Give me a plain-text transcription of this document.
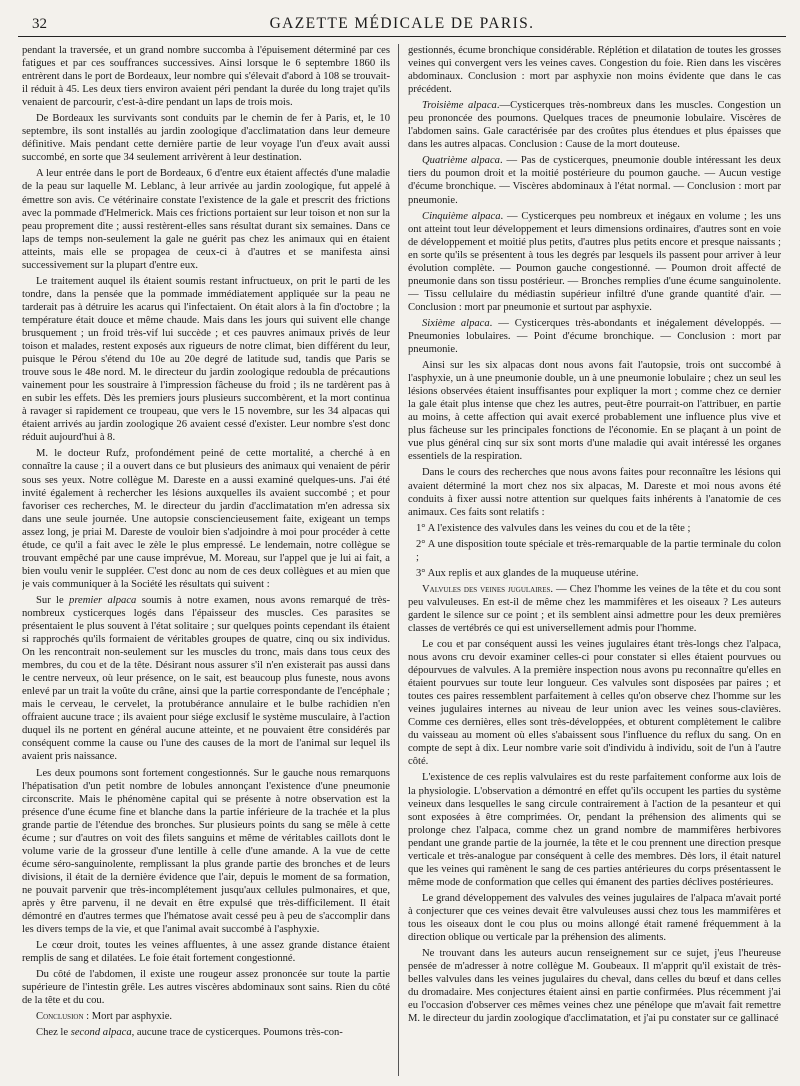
32	GAZETTE MÉDICALE DE PARIS.

pendant la traversée, et un grand nombre succomba à l'épuisement déterminé par ces fatigues et par ces souffrances successives. Ainsi lorsque le 6 septembre 1860 ils entrèrent dans le port de Bordeaux, leur nombre qui s'élevait d'abord à 108 se trouvait-il réduit à 45. Les deux tiers environ avaient péri pendant la durée du long trajet qu'ils venaient de parcourir, c'est-à-dire pendant un laps de trois mois.

De Bordeaux les survivants sont conduits par le chemin de fer à Paris, et, le 10 septembre, ils sont installés au jardin zoologique d'acclimatation dans leur demeure définitive. Mais pendant cette dernière partie de leur voyage l'un d'eux avait aussi succombé, en sorte que 34 seulement arrivèrent à leur destination.

A leur entrée dans le port de Bordeaux, 6 d'entre eux étaient affectés d'une maladie de la peau sur laquelle M. Leblanc, à leur arrivée au jardin zoologique, fut appelé à émettre son avis. Ce vétérinaire constate l'existence de la gale et prescrit des frictions avec la pommade d'Helmerick. Mais ces frictions portaient sur leur toison et non sur la peau proprement dite ; aussi restèrent-elles sans résultat durant six semaines. Dans ce laps de temps non-seulement la gale ne guérit pas chez les animaux qui en étaient atteints, mais elle se propagea de ceux-ci à d'autres et se manifesta ainsi successivement sur la plupart d'entre eux.

Le traitement auquel ils étaient soumis restant infructueux, on prit le parti de les tondre, dans la pensée que la pommade immédiatement appliquée sur la peau ne tarderait pas à détruire les acarus qui l'infectaient. On était alors à la fin d'octobre ; la température était douce et même chaude. Mais dans les jours qui suivent elle change brusquement ; un froid très-vif lui succède ; et ces pauvres animaux privés de leur toison et malades, restent exposés aux rigueurs de notre climat, bien différent du leur, puisque le Pérou s'étend du 10e au 20e degré de latitude sud, tandis que Paris se trouve sous le 48e nord. M. le directeur du jardin zoologique redoubla de précautions vainement pour les soustraire à l'impression fâcheuse du froid ; ils ne tardèrent pas à en subir les effets. Dès les premiers jours plusieurs succombèrent, et la mort continua à ravager si rapidement ce troupeau, que vers le 15 novembre, sur les 34 alpacas qui étaient arrivés au jardin zoologique 26 avaient cessé d'exister. Leur nombre s'est donc réduit aujourd'hui à 8.

M. le docteur Rufz, profondément peiné de cette mortalité, a cherché à en connaître la cause ; il a ouvert dans ce but plusieurs des animaux qui venaient de périr sous ses yeux. Notre collègue M. Dareste en a aussi examiné quelques-uns. J'ai été invité également à rechercher les lésions auxquelles ils avaient succombé ; et pour favoriser ces recherches, M. le directeur du jardin d'acclimatation m'en adressa six dans une seule journée. Une autopsie consciencieusement faite, exigeant un temps assez long, je priai M. Dareste de vouloir bien s'adjoindre à moi pour procéder à cette étude, ce qu'il a fait avec le zèle le plus empressé. Le lendemain, notre collègue se trouvant empêché par une cause imprévue, M. Moreau, sur l'appel que je lui ai fait, a bien voulu venir le suppléer. C'est donc au nom de ces deux collègues et au mien que je vais communiquer à la Société les résultats qui suivent :

Sur le premier alpaca soumis à notre examen, nous avons remarqué de très-nombreux cysticerques logés dans l'épaisseur des muscles. Ces parasites se présentaient le plus souvent à l'état solitaire ; sur quelques points cependant ils étaient si rapprochés qu'ils formaient de véritables groupes de quatre, cinq ou six individus. On les rencontrait non-seulement sur les muscles du tronc, mais dans tous ceux des membres, du cou et de la tête. Désirant nous assurer s'il n'en existerait pas aussi dans le centre nerveux, où leur présence, on le sait, est beaucoup plus funeste, nous avons enlevé par un trait la voûte du crâne, ainsi que la partie correspondante de l'encéphale ; mais le cerveau, le cervelet, la protubérance annulaire et le bulbe rachidien n'en offraient aucune trace ; ils avaient pour siége exclusif le système musculaire, à l'action duquel ils ne portent en général aucune atteinte, et ne pouvaient être considérés par conséquent comme la cause ou l'une des causes de la mort de l'animal sur lequel ils avaient pris naissance.

Les deux poumons sont fortement congestionnés. Sur le gauche nous remarquons l'hépatisation d'un petit nombre de lobules annonçant l'existence d'une pneumonie circonscrite. Mais le phénomène capital qui se présente à notre observation est la présence d'une écume fine et blanche dans la partie inférieure de la trachée et la plus grande partie de l'étendue des bronches. Sur plusieurs points du sang se mêle à cette écume ; sur d'autres on voit des filets sanguins et même de véritables caillots dont le volume varie de la grosseur d'une lentille à celle d'une amande. A la vue de cette écume séro-sanguinolente, remplissant la plus grande partie des bronches et de leurs divisions, il était de la dernière évidence que l'air, depuis le moment de sa formation, ne pouvait parvenir que très-incomplétement jusqu'aux cellules pulmonaires, et que, après y être parvenu, il ne devait en être expulsé que très-difficilement. Il était démontré en d'autres termes que l'hématose avait cessé peu à peu de s'accomplir dans les divers temps de la vie, et que l'animal avait succombé à l'asphyxie.

Le cœur droit, toutes les veines affluentes, à une assez grande distance étaient remplis de sang et dilatées. Le foie était fortement congestionné.

Du côté de l'abdomen, il existe une rougeur assez prononcée sur toute la partie supérieure de l'intestin grêle. Les autres viscères abdominaux sont sains. Rien du côté de la tête et du cou.

Conclusion : Mort par asphyxie.

Chez le second alpaca, aucune trace de cysticerques. Poumons très-con-

gestionnés, écume bronchique considérable. Réplétion et dilatation de toutes les grosses veines qui convergent vers les veines caves. Congestion du foie. Rien dans les viscères abdominaux. Conclusion : mort par asphyxie non moins évidente que dans le cas précédent.

Troisième alpaca.—Cysticerques très-nombreux dans les muscles. Congestion un peu prononcée des poumons. Quelques traces de pneumonie lobulaire. Viscères de l'abdomen sains. Gale caractérisée par des croûtes plus étendues et plus épaisses que dans les autres alpacas. Conclusion : Cause de la mort douteuse.

Quatrième alpaca. — Pas de cysticerques, pneumonie double intéressant les deux tiers du poumon droit et la moitié postérieure du poumon gauche. — Aucun vestige d'écume bronchique. — Viscères abdominaux à l'état normal. — Conclusion : mort par pneumonie.

Cinquième alpaca. — Cysticerques peu nombreux et inégaux en volume ; les uns ont atteint tout leur développement et leurs dimensions ordinaires, d'autres sont en voie de développement et moitié plus petits, d'autres plus petits encore et presque naissants ; en sorte qu'ils se présentent à tous les degrés par lesquels ils passent pour arriver à leur évolution complète. — Poumon gauche congestionné. — Poumon droit affecté de pneumonie dans son tissu postérieur. — Bronches remplies d'une écume sanguinolente. — Tissu cellulaire du médiastin supérieur infiltré d'une grande quantité d'air. — Conclusion : mort par pneumonie et surtout par asphyxie.

Sixième alpaca. — Cysticerques très-abondants et inégalement développés. — Pneumonies lobulaires. — Point d'écume bronchique. — Conclusion : mort par pneumonie.

Ainsi sur les six alpacas dont nous avons fait l'autopsie, trois ont succombé à l'asphyxie, un à une pneumonie double, un à une pneumonie lobulaire ; chez un seul les lésions observées étaient insuffisantes pour expliquer la mort ; comme chez ce dernier la gale était plus intense que chez les autres, peut-être pourrait-on l'attribuer, en partie au moins, à cette affection qui avait exercé probablement une influence plus vive et plus fâcheuse sur les principales fonctions de l'économie. En se plaçant à un point de vue plus général cinq sur six sont morts d'une maladie qui avait intéressé les organes essentiels de la respiration.

Dans le cours des recherches que nous avons faites pour reconnaître les lésions qui avaient déterminé la mort chez nos six alpacas, M. Dareste et moi nous avons été conduits à fixer aussi notre attention sur quelques faits inhérents à l'anatomie de ces animaux. Ces faits sont relatifs :

1° A l'existence des valvules dans les veines du cou et de la tête ;

2° A une disposition toute spéciale et très-remarquable de la partie terminale du colon ;

3° Aux replis et aux glandes de la muqueuse utérine.

Valvules des veines jugulaires. — Chez l'homme les veines de la tête et du cou sont peu valvuleuses. En est-il de même chez les mammifères et les oiseaux ? Les auteurs gardent le silence sur ce point ; et ils semblent ainsi admettre pour les deux premières classes de vertébrés ce qui est universellement admis pour l'homme.

Le cou et par conséquent aussi les veines jugulaires étant très-longs chez l'alpaca, nous avons cru devoir examiner celles-ci pour constater si elles étaient pourvues ou dépourvues de valvules. A la première inspection nous avons pu reconnaître qu'elles en étaient pourvues sur toute leur longueur. Ces valvules sont disposées par paires ; et toutes ces paires ressemblent parfaitement à celles qu'on observe chez l'homme sur les veines jugulaires internes au niveau de leur union avec les veines sous-clavières. Comme ces dernières, elles sont très-développées, et obturent complètement le calibre du vaisseau au moment où elles s'abaissent sous l'influence du reflux du sang. On en compte de sept à dix. Leur nombre varie soit d'individu à individu, soit de l'un à l'autre côté.

L'existence de ces replis valvulaires est du reste parfaitement conforme aux lois de la physiologie. L'observation a démontré en effet qu'ils occupent les parties du système veineux dans lesquelles le sang circule contrairement à l'action de la pesanteur et qui sont exposées à être comprimées. Or, pendant la préhension des aliments qui se prolonge chez l'alpaca, comme chez un grand nombre de mammifères herbivores pendant une grande partie de la journée, la tête et le cou prennent une direction presque verticale et très-analogue par conséquent à celle des membres. Dès lors, il était naturel que les veines qui ramènent le sang de ces parties antérieures du corps présentassent le même mode de conformation que celles qui émanent des parties déclives postérieures.

Le grand développement des valvules des veines jugulaires de l'alpaca m'avait porté à conjecturer que ces veines devait être valvuleuses aussi chez tous les mammifères et tous les oiseaux dont le cou plus ou moins allongé était ramené fréquemment à la direction oblique ou verticale par la préhension des aliments.

Ne trouvant dans les auteurs aucun renseignement sur ce sujet, j'eus l'heureuse pensée de m'adresser à notre collègue M. Goubeaux. Il m'apprit qu'il existait de très-belles valvules dans les veines jugulaires du cheval, dans celles du bœuf et dans celles du dromadaire. Mes conjectures étaient ainsi en partie confirmées. Plus récemment j'ai eu l'occasion d'observer ces mêmes veines chez une pénélope que m'avait fait remettre M. le directeur du jardin zoologique d'acclimatation, et j'ai pu constater sur ce gallinacé
